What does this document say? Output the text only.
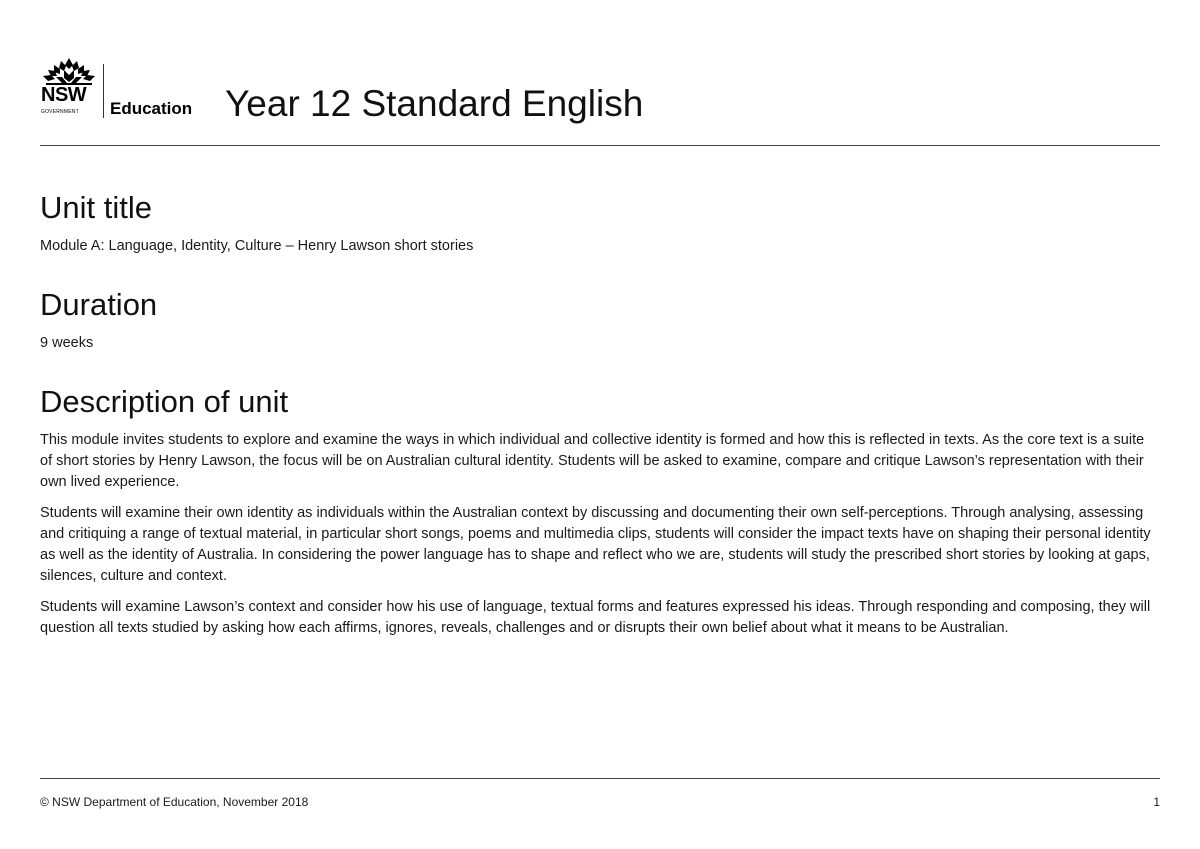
NSW
GOVERNMENT Education Year 12 Standard English
Unit title

Module A: Language, Identity, Culture – Henry Lawson short stories

Duration

9 weeks

Description of unit

This module invites students to explore and examine the ways in which individual and collective identity is formed and how this is reflected in texts. As the core text is a suite of short stories by Henry Lawson, the focus will be on Australian cultural identity. Students will be asked to examine, compare and critique Lawson’s representation with their own lived experience.

Students will examine their own identity as individuals within the Australian context by discussing and documenting their own self-perceptions. Through analysing, assessing and critiquing a range of textual material, in particular short songs, poems and multimedia clips, students will consider the impact texts have on shaping their personal identity as well as the identity of Australia. In considering the power language has to shape and reflect who we are, students will study the prescribed short stories by looking at gaps, silences, culture and context.

Students will examine Lawson’s context and consider how his use of language, textual forms and features expressed his ideas. Through responding and composing, they will question all texts studied by asking how each affirms, ignores, reveals, challenges and or disrupts their own belief about what it means to be Australian.

© NSW Department of Education, November 2018	1
